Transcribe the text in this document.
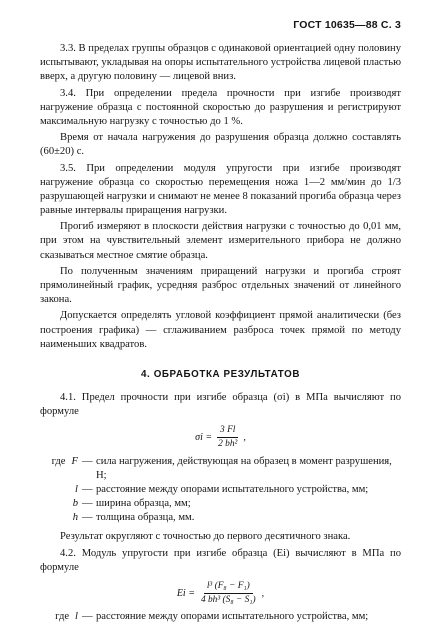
ГОСТ 10635—88 С. 3

3.3. В пределах группы образцов с одинаковой ориентацией одну половину испытывают, укладывая на опоры испытательного устройства лицевой пластью вверх, а другую половину — лицевой вниз.

3.4. При определении предела прочности при изгибе производят нагружение образца с постоянной скоростью до разрушения и регистрируют максимальную нагрузку с точностью до 1 %.

Время от начала нагружения до разрушения образца должно составлять (60±20) с.

3.5. При определении модуля упругости при изгибе производят нагружение образца со скоростью перемещения ножа 1—2 мм/мин до 1/3 разрушающей нагрузки и снимают не менее 8 показаний прогиба образца через равные интервалы приращения нагрузки.

Прогиб измеряют в плоскости действия нагрузки с точностью до 0,01 мм, при этом на чувствительный элемент измерительного прибора не должно сказываться местное смятие образца.

По полученным значениям приращений нагрузки и прогиба строят прямолинейный график, усредняя разброс отдельных значений от линейного закона.

Допускается определять угловой коэффициент прямой аналитически (без построения графика) — сглаживанием разброса точек прямой по методу наименьших квадратов.

4. ОБРАБОТКА РЕЗУЛЬТАТОВ

4.1. Предел прочности при изгибе образца (σi) в МПа вычисляют по формуле

$\sigma i = \frac{3 Fl}{\text{2 bh²}}$ ,
где F — сила нагружения, действующая на образец в момент разрушения, Н;
l — расстояние между опорами испытательного устройства, мм;
b — ширина образца, мм;
h — толщина образца, мм.

Результат округляют с точностью до первого десятичного знака.

4.2. Модуль упругости при изгибе образца (Ei) вычисляют в МПа по формуле

$Ei = \frac{\text{l³ (F₈ − F₁)}}{\text{4 bh³ (S₈ − S₁)}}$ ,
где l — расстояние между опорами испытательного устройства, мм;
